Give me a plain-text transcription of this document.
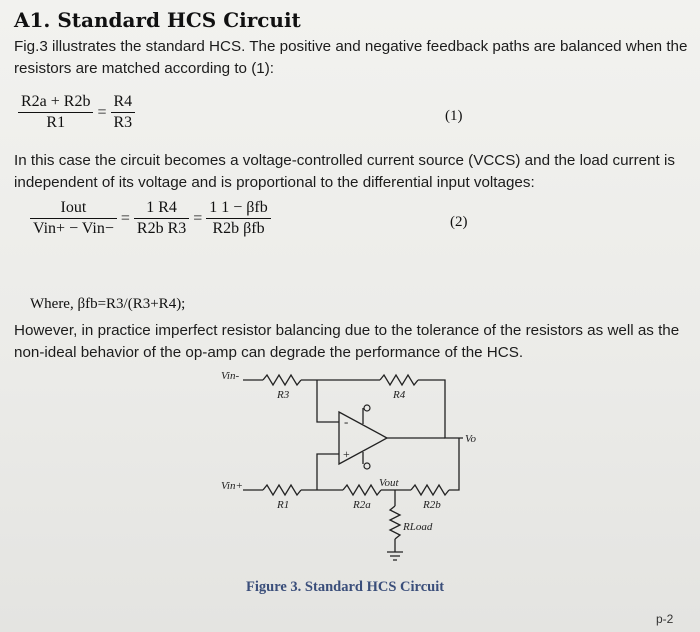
A1. Standard HCS Circuit
Fig.3 illustrates the standard HCS. The positive and negative feedback paths are balanced when the resistors are matched according to (1):
$\frac{R2a + R2b}{R1} = \frac{R4}{R3}$	(1)
In this case the circuit becomes a voltage-controlled current source (VCCS) and the load current is independent of its voltage and is proportional to the differential input voltages:
$\frac{\text{Iout}}{\text{Vin+ − Vin−}} = \frac{1 R4}{\text{R2b R3}} = \frac{\text{1 1 − βfb}}{\text{R2b βfb}}$	(2)
Where, βfb=R3/(R3+R4);
However, in practice imperfect resistor balancing due to the tolerance of the resistors as well as the non-ideal behavior of the op-amp can degrade the performance of the HCS.
Vin-
Vin+
R3	R4
R1	R2a	R2b
RLoad
Vout
Vo
-
+
Figure 3. Standard HCS Circuit
p-2
